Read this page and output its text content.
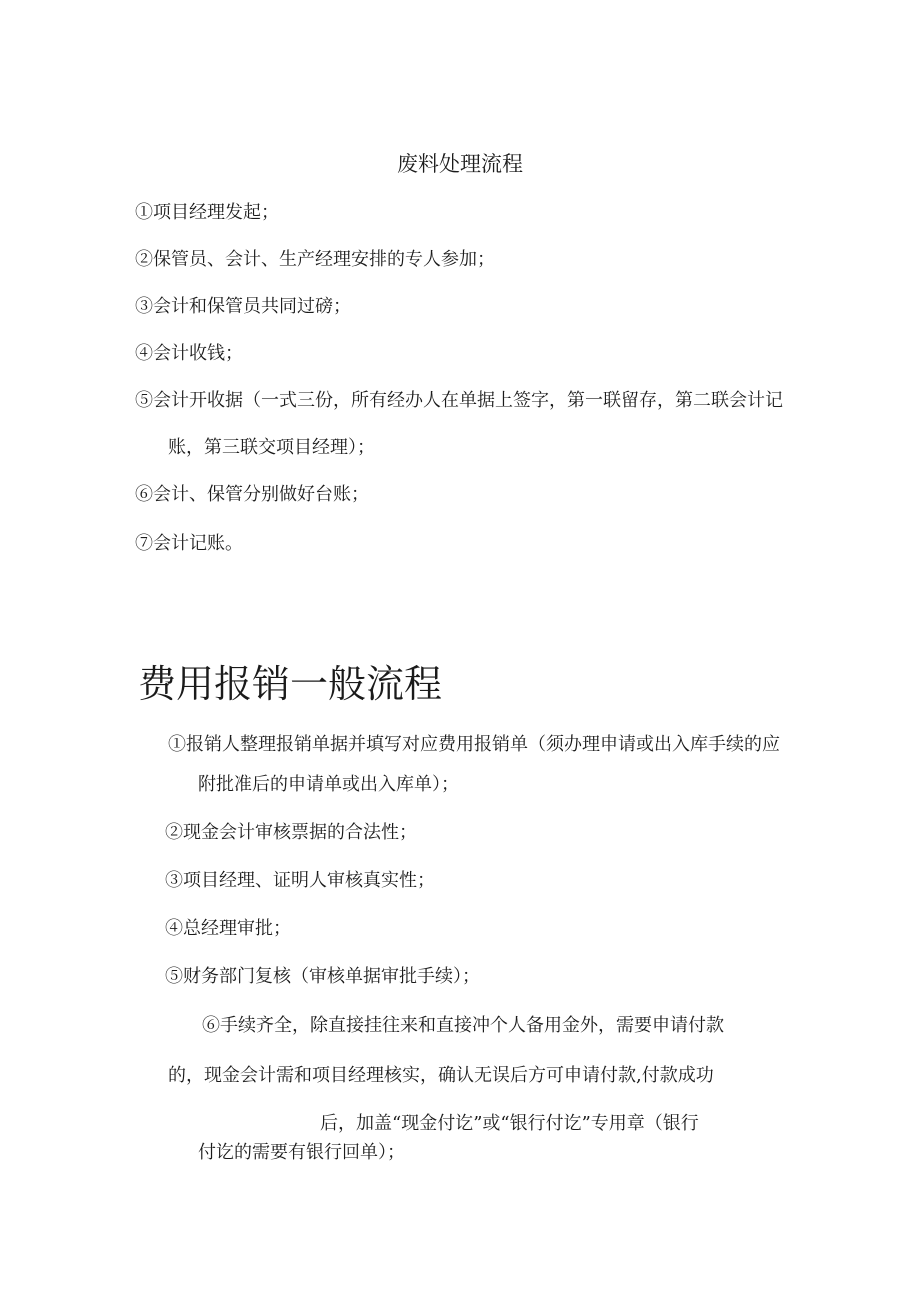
废料处理流程
①项目经理发起；
②保管员、会计、生产经理安排的专人参加；
③会计和保管员共同过磅；
④会计收钱；
⑤会计开收据（一式三份，所有经办人在单据上签字，第一联留存，第二联会计记
账，第三联交项目经理）；
⑥会计、保管分别做好台账；
⑦会计记账。
费用报销一般流程
①报销人整理报销单据并填写对应费用报销单（须办理申请或出入库手续的应
附批准后的申请单或出入库单）；
②现金会计审核票据的合法性；
③项目经理、证明人审核真实性；
④总经理审批；
⑤财务部门复核（审核单据审批手续）；
⑥手续齐全，除直接挂往来和直接冲个人备用金外，需要申请付款
的，现金会计需和项目经理核实，确认无误后方可申请付款,付款成功
后，加盖“现金付讫”或“银行付讫”专用章（银行
付讫的需要有银行回单）；
